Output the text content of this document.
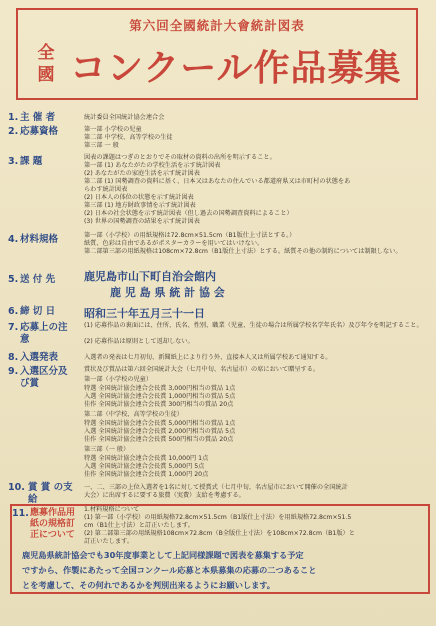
第六回全國統計大會統計図表
全國 コンクール作品募集
1. 主 催 者	統計委員全国統計協会連合会
2. 応募資格	第一部 小学校の児童
第二部 中学校、高等学校の生徒
第三部 一 般
3. 課 題	図表の課題はつぎのとおりでその取材の資料の出所を明示すること。
第一部 (1) あなたがたの学校生活を示す統計図表
(2) あなたがたの家庭生活を示す統計図表
第二部 (1) 国勢調査の資料に基く、日本又はあなたの住んでいる都道府県又は市町村の状態をあ
らわす統計図表
(2) 日本人の体位の状態を示す統計図表
第三部 (1) 地方財政事情を示す統計図表
(2) 日本の社会状態を示す統計図表（但し過去の国勢調査資料によること）
(3) 世界の国勢調査の結果を示す統計図表
4. 材料規格	第一部（小学校）の用紙規格は72.8cm×51.5cm（B1版仕上寸法とする。）
紙質、色彩は自由であるがポスターカラーを用いてはいけない。
第二部第三部の用紙規格は108cm×72.8cm（B1版仕上寸法）とする。紙質その他の制約については制限しない。
5. 送 付 先	鹿児島市山下町自治会館内
鹿 児 島 県 統 計 協 会
6. 締 切 日	昭和三十年五月三十一日
7. 応募上の注 意
(1) 応募作品の裏面には、住所、氏名、性別、職業（児童、生徒の場合は所属学校名学年氏名）及び年令を明記すること。
(2) 応募作品は原則として返却しない。
8. 入選発表	入選者の発表は七月初旬、新聞紙上により行う外、直接本人又は所属学校あて通知する。
9. 入選区分及び賞
賞状及び賞品は第六回全国統計大会（七月中旬、名古屋市）の席において贈呈する。
第一部（小学校の児童）
特選 全国統計協会連合会長賞 3,000円相当の賞品 1点
入選 全国統計協会連合会長賞 1,000円相当の賞品 5点
佳作 全国統計協会連合会長賞 300円相当の賞品 20点
第二部（中学校、高等学校の生徒）
特選 全国統計協会連合会長賞 5,000円相当の賞品 1点
入選 全国統計協会連合会長賞 2,000円相当の賞品 5点
佳作 全国統計協会連合会長賞 500円相当の賞品 20点
第三部（一 般）
特選 全国統計協会連合会長賞 10,000円 1点
入選 全国統計協会連合会長賞 5,000円 5点
佳作 全国統計協会連合会長賞 1,000円 20点
10. 賞 賞 の支 給
一、二、三部の上位入選者を1名に対して授賞式（七月中旬、名古屋市において開催の全国統計
大会）に出席するに要する旅費（実費）支給を考慮する。
11. 應募作品用紙の規格訂正について
1.材料規格について
(1) 第一部（小学校）の用紙規格72.8cm×51.5cm（B1版仕上寸法）を用紙規格72.8cm×51.5
cm（B1仕上寸法）と訂正いたします。
(2) 第二部第三部の用紙規格108cm×72.8cm（B全版仕上寸法）を108cm×72.8cm（B1版）と
訂正いたします。
鹿児島県統計協会でも30年度事業として上記同様課題で図表を募集する予定
ですから、作製にあたって全国コンクール応募と本県募集の応募の二つあること
とを考慮して、その何れであるかを判別出来るようにお願いします。
